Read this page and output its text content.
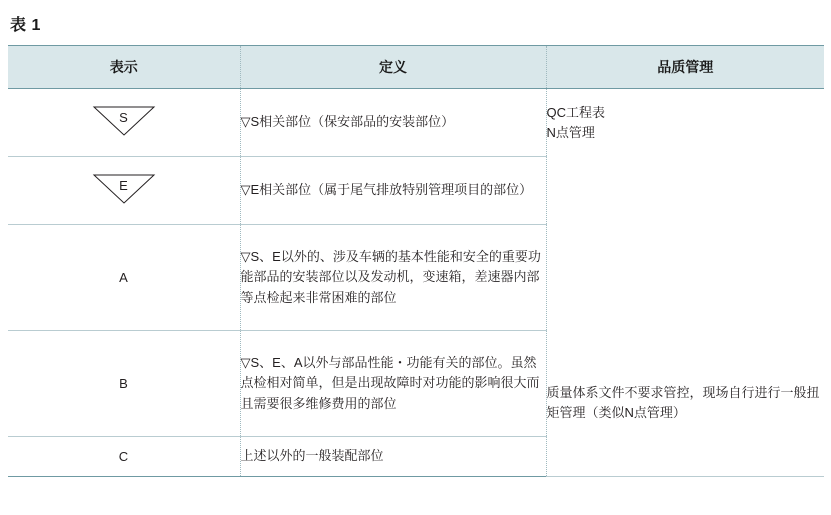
表 1
表示	定义	品质管理

S	▽S相关部位（保安部品的安装部位）	QC工程表
N点管理

E	▽E相关部位（属于尾气排放特别管理项目的部位）	
A	▽S、E以外的、涉及车辆的基本性能和安全的重要功能部品的安装部位以及发动机，变速箱，差速器内部等点检起来非常困难的部位	
B	▽S、E、A以外与部品性能・功能有关的部位。虽然点检相对简单，但是出现故障时对功能的影响很大而且需要很多维修费用的部位	质量体系文件不要求管控，现场自行进行一般扭矩管理（类似N点管理）
C	上述以外的一般装配部位	
